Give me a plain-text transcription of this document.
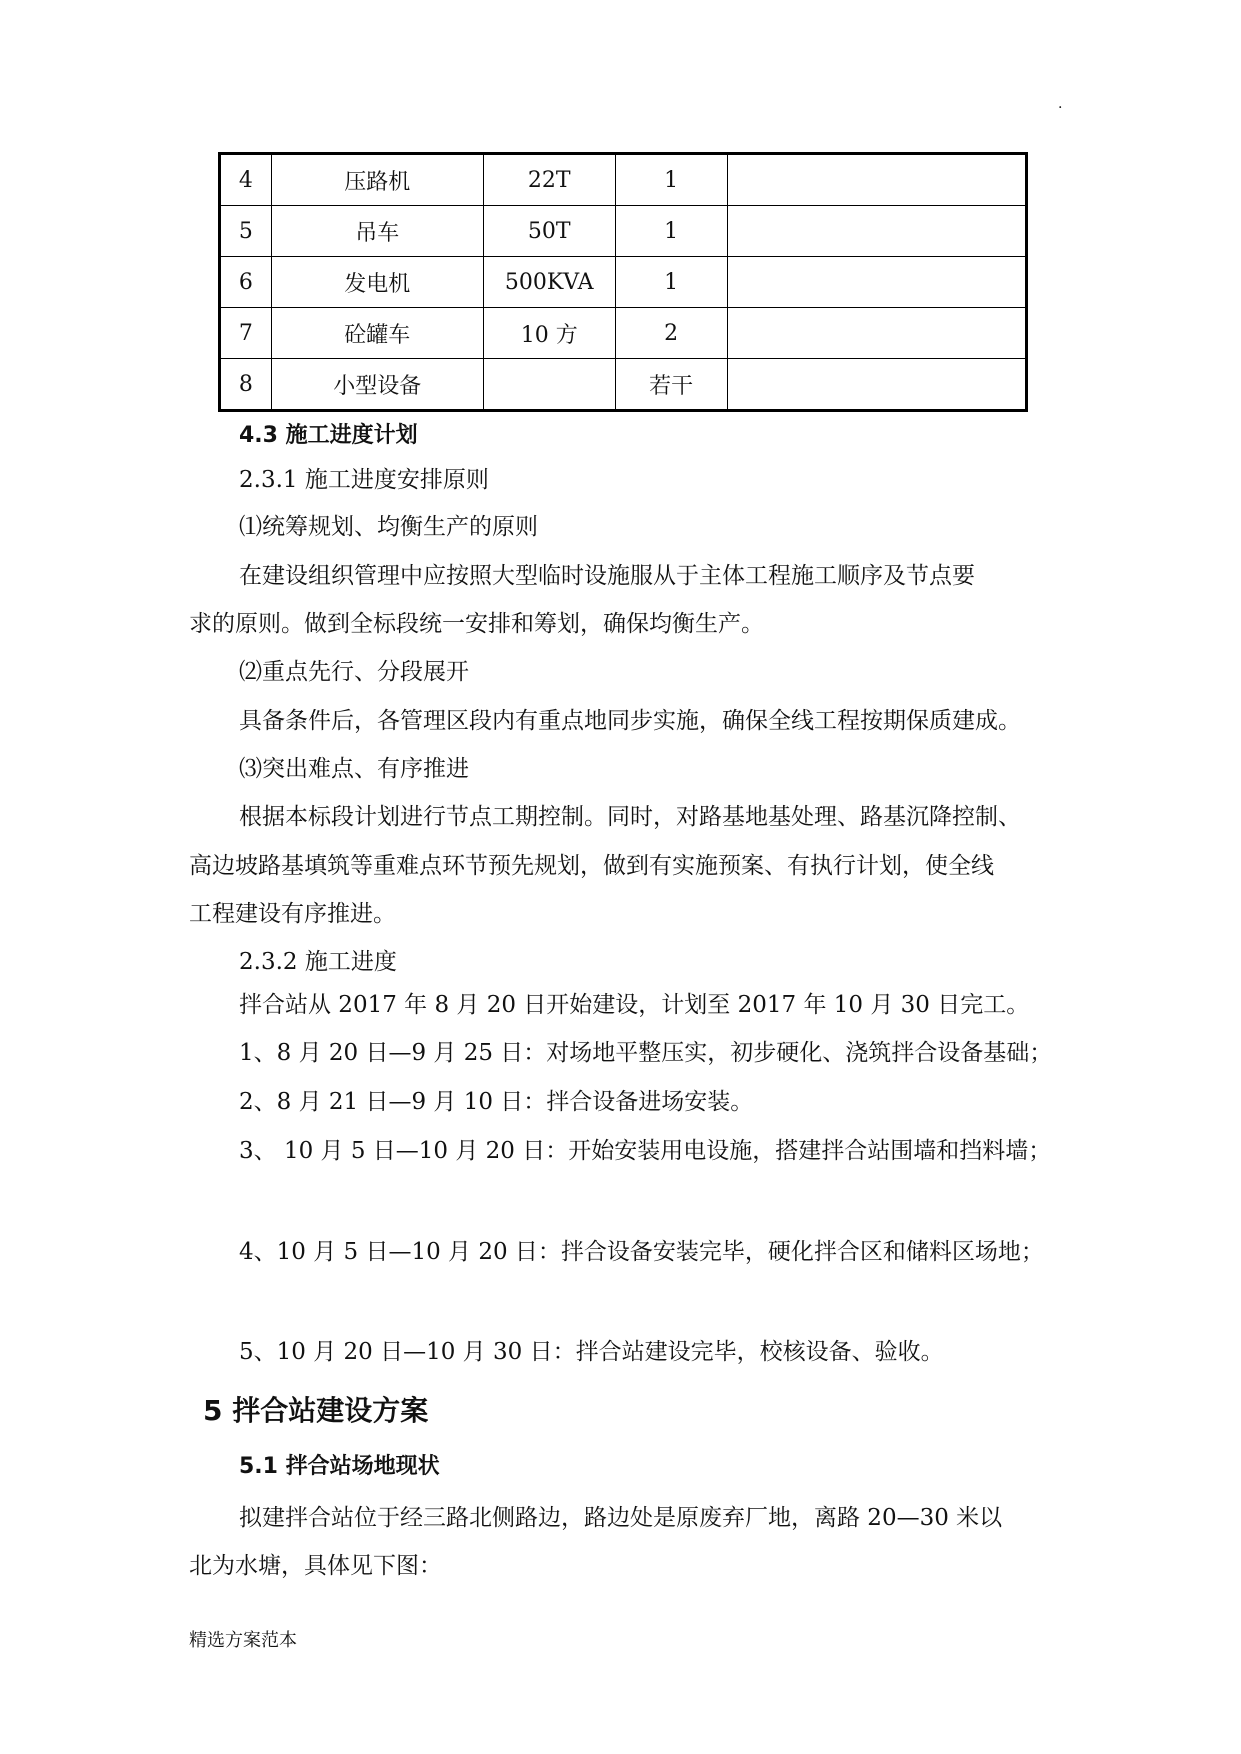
.
4	压路机	22T	1	
5	吊车	50T	1	
6	发电机	500KVA	1	
7	砼罐车	10 方	2	
8	小型设备		若干	
4.3 施工进度计划
2.3.1 施工进度安排原则
⑴统筹规划、均衡生产的原则
在建设组织管理中应按照大型临时设施服从于主体工程施工顺序及节点要
求的原则。做到全标段统一安排和筹划，确保均衡生产。
⑵重点先行、分段展开
具备条件后，各管理区段内有重点地同步实施，确保全线工程按期保质建成。
⑶突出难点、有序推进
根据本标段计划进行节点工期控制。同时，对路基地基处理、路基沉降控制、
高边坡路基填筑等重难点环节预先规划，做到有实施预案、有执行计划，使全线
工程建设有序推进。
2.3.2 施工进度
拌合站从 2017 年 8 月 20 日开始建设，计划至 2017 年 10 月 30 日完工。
1、8 月 20 日—9 月 25 日：对场地平整压实，初步硬化、浇筑拌合设备基础；
2、8 月 21 日—9 月 10 日：拌合设备进场安装。
3、 10 月 5 日—10 月 20 日：开始安装用电设施，搭建拌合站围墙和挡料墙；
4、10 月 5 日—10 月 20 日：拌合设备安装完毕，硬化拌合区和储料区场地；
5、10 月 20 日—10 月 30 日：拌合站建设完毕，校核设备、验收。
5 拌合站建设方案
5.1 拌合站场地现状
拟建拌合站位于经三路北侧路边，路边处是原废弃厂地，离路 20—30 米以
北为水塘，具体见下图：
精选方案范本
